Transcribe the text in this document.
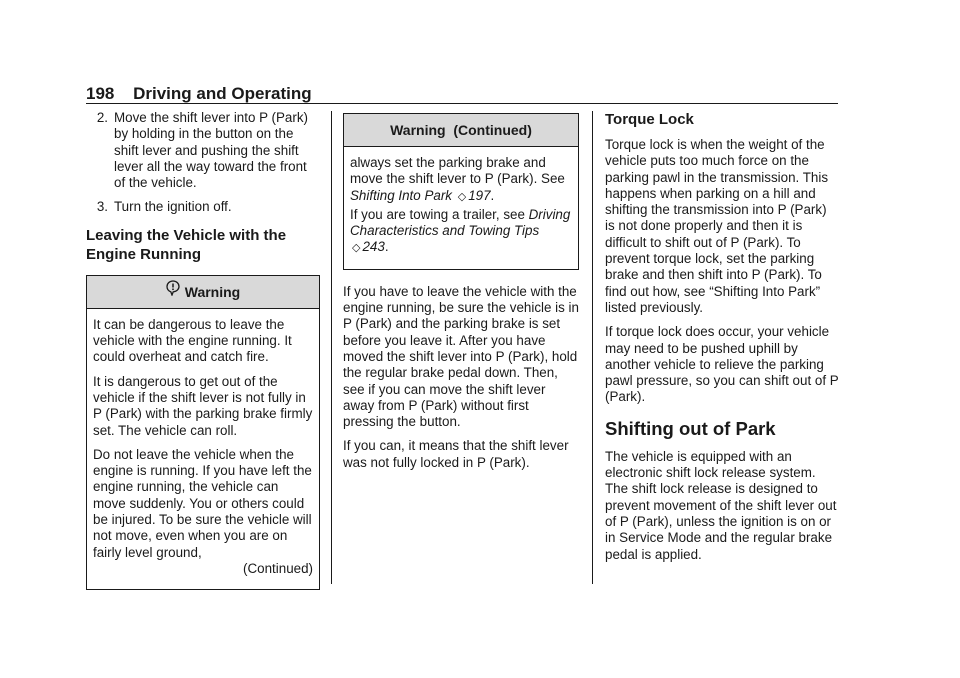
198 Driving and Operating
2. Move the shift lever into P (Park) by holding in the button on the shift lever and pushing the shift lever all the way toward the front of the vehicle.
3. Turn the ignition off.
Leaving the Vehicle with the Engine Running
Warning

It can be dangerous to leave the vehicle with the engine running. It could overheat and catch fire.

It is dangerous to get out of the vehicle if the shift lever is not fully in P (Park) with the parking brake firmly set. The vehicle can roll.

Do not leave the vehicle when the engine is running. If you have left the engine running, the vehicle can move suddenly. You or others could be injured. To be sure the vehicle will not move, even when you are on fairly level ground,

(Continued)

Warning  (Continued)

always set the parking brake and move the shift lever to P (Park). See Shifting Into Park ◇ 197.

If you are towing a trailer, see Driving Characteristics and Towing Tips ◇ 243.

If you have to leave the vehicle with the engine running, be sure the vehicle is in P (Park) and the parking brake is set before you leave it. After you have moved the shift lever into P (Park), hold the regular brake pedal down. Then, see if you can move the shift lever away from P (Park) without first pressing the button.

If you can, it means that the shift lever was not fully locked in P (Park).

Torque Lock

Torque lock is when the weight of the vehicle puts too much force on the parking pawl in the transmission. This happens when parking on a hill and shifting the transmission into P (Park) is not done properly and then it is difficult to shift out of P (Park). To prevent torque lock, set the parking brake and then shift into P (Park). To find out how, see “Shifting Into Park” listed previously.

If torque lock does occur, your vehicle may need to be pushed uphill by another vehicle to relieve the parking pawl pressure, so you can shift out of P (Park).

Shifting out of Park

The vehicle is equipped with an electronic shift lock release system. The shift lock release is designed to prevent movement of the shift lever out of P (Park), unless the ignition is on or in Service Mode and the regular brake pedal is applied.
